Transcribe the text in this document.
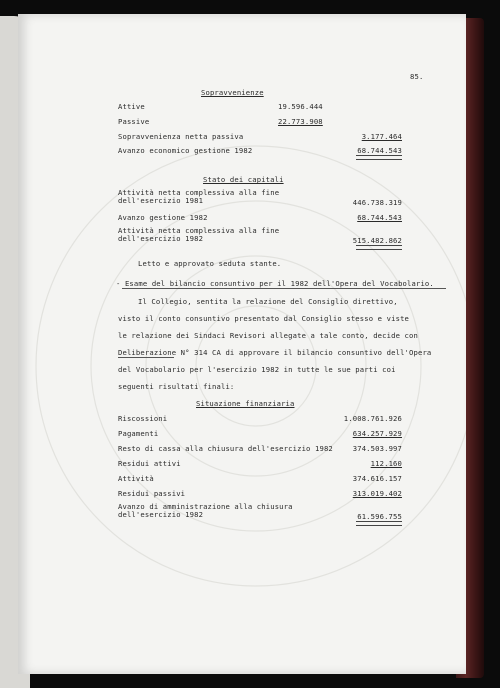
85.
Sopravvenienze
Attive	19.596.444
Passive	22.773.908
Sopravvenienza netta passiva	3.177.464
Avanzo economico gestione 1982	68.744.543
Stato dei capitali
Attività netta complessiva alla fine dell'esercizio 1981	446.738.319
Avanzo gestione 1982	68.744.543
Attività netta complessiva alla fine dell'esercizio 1982	515.482.862
Letto e approvato seduta stante.
- Esame del bilancio consuntivo per il 1982 dell'Opera del Vocabolario.
Il Collegio, sentita la relazione del Consiglio direttivo,
visto il conto consuntivo presentato dal Consiglio stesso e viste
le relazione dei Sindaci Revisori allegate a tale conto, decide con
Deliberazione N° 314 CA di approvare il bilancio consuntivo dell'Opera
del Vocabolario per l'esercizio 1982 in tutte le sue parti coi
seguenti risultati finali:
Situazione finanziaria
Riscossioni	1.008.761.926
Pagamenti	634.257.929
Resto di cassa alla chiusura dell'esercizio 1982	374.503.997
Residui attivi	112.160
Attività	374.616.157
Residui passivi	313.019.402
Avanzo di amministrazione alla chiusura dell'esercizio 1982	61.596.755
